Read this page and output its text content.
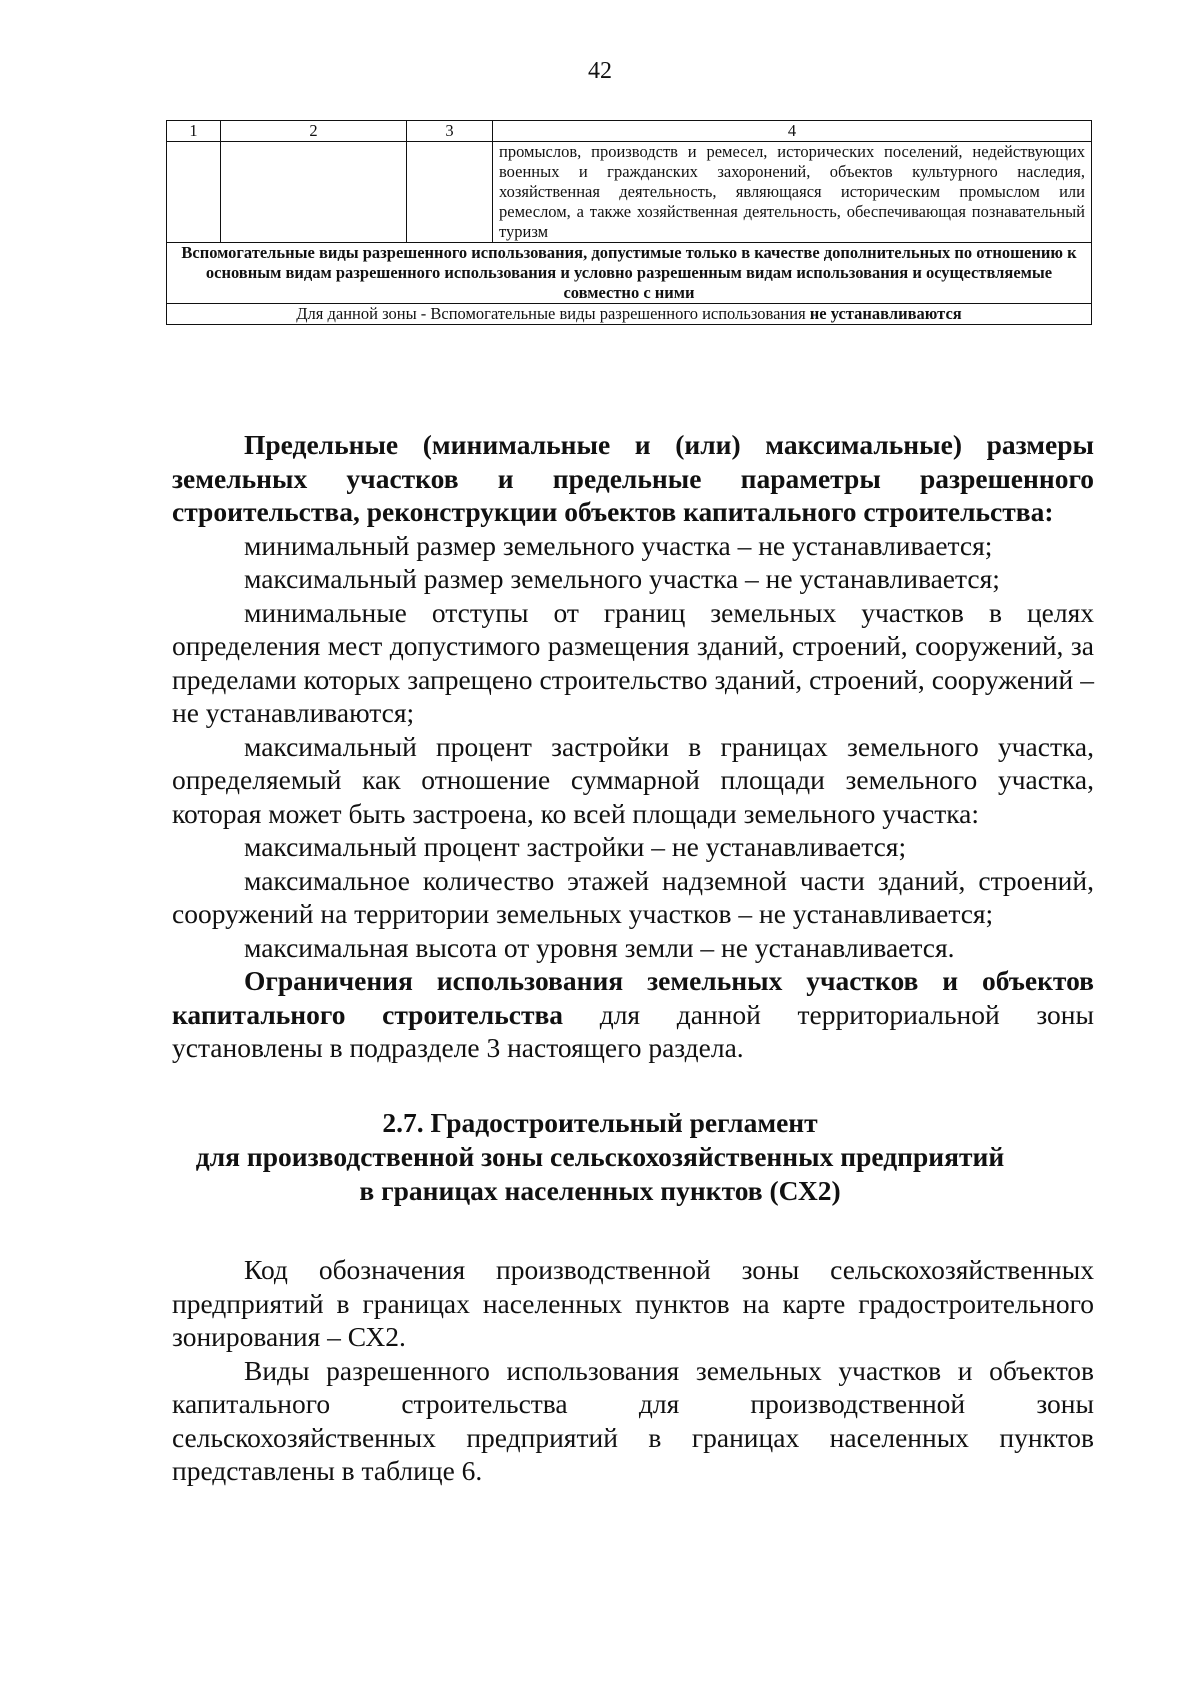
42
1	2	3	4
			промыслов, производств и ремесел, исторических поселений, недействующих военных и гражданских захоронений, объектов культурного наследия, хозяйственная деятельность, являющаяся историческим промыслом или ремеслом, а также хозяйственная деятельность, обеспечивающая познавательный туризм
Вспомогательные виды разрешенного использования, допустимые только в качестве дополнительных по отношению к основным видам разрешенного использования и условно разрешенным видам использования и осуществляемые совместно с ними			
Для данной зоны - Вспомогательные виды разрешенного использования не устанавливаются			

Предельные (минимальные и (или) максимальные) размеры земельных участков и предельные параметры разрешенного строительства, реконструкции объектов капитального строительства:

минимальный размер земельного участка – не устанавливается;

максимальный размер земельного участка – не устанавливается;

минимальные отступы от границ земельных участков в целях определения мест допустимого размещения зданий, строений, сооружений, за пределами которых запрещено строительство зданий, строений, сооружений – не устанавливаются;

максимальный процент застройки в границах земельного участка, определяемый как отношение суммарной площади земельного участка, которая может быть застроена, ко всей площади земельного участка:

максимальный процент застройки – не устанавливается;

максимальное количество этажей надземной части зданий, строений, сооружений на территории земельных участков – не устанавливается;

максимальная высота от уровня земли – не устанавливается.

Ограничения использования земельных участков и объектов капитального строительства для данной территориальной зоны установлены в подразделе 3 настоящего раздела.

2.7. Градостроительный регламент
для производственной зоны сельскохозяйственных предприятий
в границах населенных пунктов (СХ2)

Код обозначения производственной зоны сельскохозяйственных предприятий в границах населенных пунктов на карте градостроительного зонирования – СХ2.

Виды разрешенного использования земельных участков и объектов капитального строительства для производственной зоны сельскохозяйственных предприятий в границах населенных пунктов представлены в таблице 6.
